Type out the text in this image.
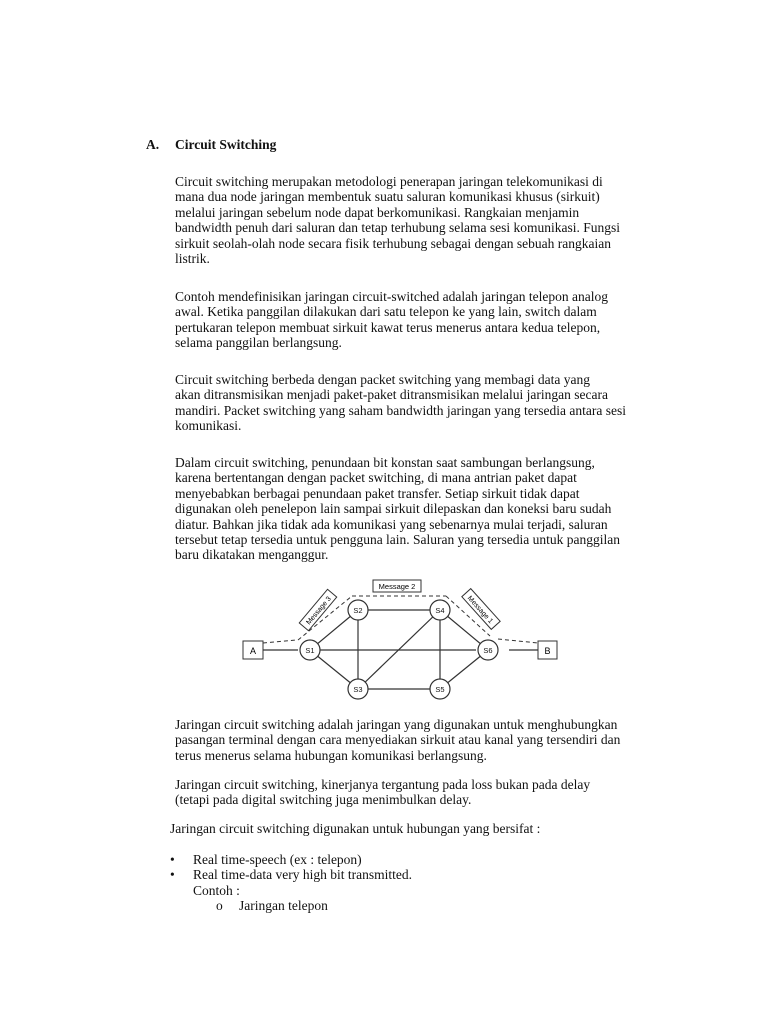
A. Circuit Switching
Circuit switching merupakan metodologi penerapan jaringan telekomunikasi di
mana dua node jaringan membentuk suatu saluran komunikasi khusus (sirkuit)
melalui jaringan sebelum node dapat berkomunikasi. Rangkaian menjamin
bandwidth penuh dari saluran dan tetap terhubung selama sesi komunikasi. Fungsi
sirkuit seolah-olah node secara fisik terhubung sebagai dengan sebuah rangkaian
listrik.
Contoh mendefinisikan jaringan circuit-switched adalah jaringan telepon analog
awal. Ketika panggilan dilakukan dari satu telepon ke yang lain, switch dalam
pertukaran telepon membuat sirkuit kawat terus menerus antara kedua telepon,
selama panggilan berlangsung.
Circuit switching berbeda dengan packet switching yang membagi data yang
akan ditransmisikan menjadi paket-paket ditransmisikan melalui jaringan secara
mandiri. Packet switching yang saham bandwidth jaringan yang tersedia antara sesi
komunikasi.
Dalam circuit switching, penundaan bit konstan saat sambungan berlangsung,
karena bertentangan dengan packet switching, di mana antrian paket dapat
menyebabkan berbagai penundaan paket transfer. Setiap sirkuit tidak dapat
digunakan oleh penelepon lain sampai sirkuit dilepaskan dan koneksi baru sudah
diatur. Bahkan jika tidak ada komunikasi yang sebenarnya mulai terjadi, saluran
tersebut tetap tersedia untuk pengguna lain. Saluran yang tersedia untuk panggilan
baru dikatakan menganggur.
A	B
S1
S2
S3
S4
S5
S6
Message 2
Message 3	Message 1
Jaringan circuit switching adalah jaringan yang digunakan untuk menghubungkan
pasangan terminal dengan cara menyediakan sirkuit atau kanal yang tersendiri dan
terus menerus selama hubungan komunikasi berlangsung.
Jaringan circuit switching, kinerjanya tergantung pada loss bukan pada delay
(tetapi pada digital switching juga menimbulkan delay.
Jaringan circuit switching digunakan untuk hubungan yang bersifat :
• Real time-speech (ex : telepon)
• Real time-data very high bit transmitted.
Contoh :
o Jaringan telepon
